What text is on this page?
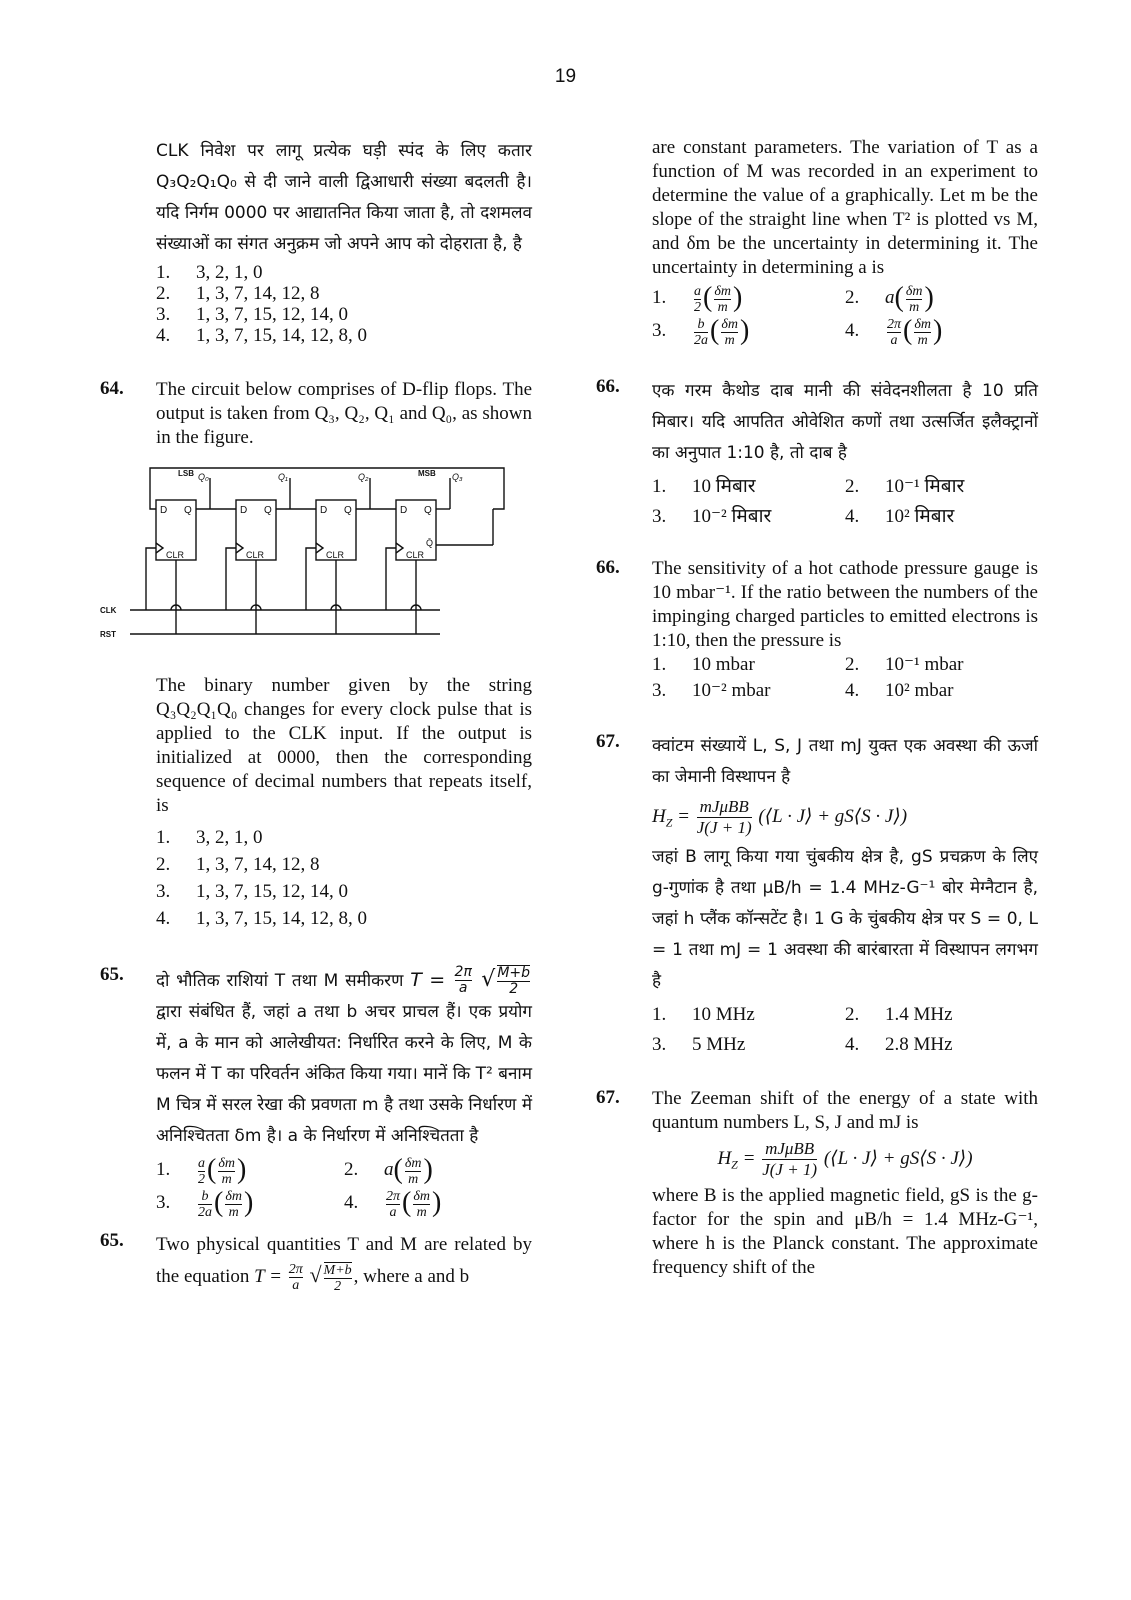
19
CLK निवेश पर लागू प्रत्येक घड़ी स्पंद के लिए कतार Q₃Q₂Q₁Q₀ से दी जाने वाली द्विआधारी संख्या बदलती है। यदि निर्गम 0000 पर आद्यातनित किया जाता है, तो दशमलव संख्याओं का संगत अनुक्रम जो अपने आप को दोहराता है, है
1.	3, 2, 1, 0
2.	1, 3, 7, 14, 12, 8
3.	1, 3, 7, 15, 12, 14, 0
4.	1, 3, 7, 15, 14, 12, 8, 0
64. The circuit below comprises of D-flip flops. The output is taken from Q₃, Q₂, Q₁ and Q₀, as shown in the figure.
D Q	D Q	D Q	D Q
CLR	CLR	CLR	CLR
Q̄
LSB Q₀	Q₁	Q₂	MSB Q₃
CLK
RST
The binary number given by the string Q₃Q₂Q₁Q₀ changes for every clock pulse that is applied to the CLK input. If the output is initialized at 0000, then the corresponding sequence of decimal numbers that repeats itself, is
1.	3, 2, 1, 0
2.	1, 3, 7, 14, 12, 8
3.	1, 3, 7, 15, 12, 14, 0
4.	1, 3, 7, 15, 14, 12, 8, 0
65. दो भौतिक राशियां T तथा M समीकरण $T = \frac{2\pi}{a}$ √ $\frac{M+b}{2}$
द्वारा संबंधित हैं, जहां a तथा b अचर प्राचल हैं। एक प्रयोग में, a के मान को आलेखीयत: निर्धारित करने के लिए, M के फलन में T का परिवर्तन अंकित किया गया। मानें कि T² बनाम M चित्र में सरल रेखा की प्रवणता m है तथा उसके निर्धारण में अनिश्चितता δm है। a के निर्धारण में अनिश्चितता है
1.	$\frac{a}{2}$ ( $\frac{\delta m}{m}$ )	2.	a ( $\frac{\delta m}{m}$ )
3.	$\frac{b}{2a}$ ( $\frac{\delta m}{m}$ )	4.	$\frac{2\pi}{a}$ ( $\frac{\delta m}{m}$ )
65. Two physical quantities T and M are related by the equation $T = \frac{2\pi}{a}$ √ $\frac{M+b}{2}$ , where a and b
are constant parameters. The variation of T as a function of M was recorded in an experiment to determine the value of a graphically. Let m be the slope of the straight line when T² is plotted vs M, and δm be the uncertainty in determining it. The uncertainty in determining a is
1.	$\frac{a}{2}$ ( $\frac{\delta m}{m}$ )	2.	a ( $\frac{\delta m}{m}$ )
3.	$\frac{b}{2a}$ ( $\frac{\delta m}{m}$ )	4.	$\frac{2\pi}{a}$ ( $\frac{\delta m}{m}$ )
66. एक गरम कैथोड दाब मानी की संवेदनशीलता है 10 प्रति मिबार। यदि आपतित ओवेशित कणों तथा उत्सर्जित इलैक्ट्रानों का अनुपात 1:10 है, तो दाब है
1.	10 मिबार	2.	10⁻¹ मिबार
3.	10⁻² मिबार	4.	10² मिबार
66. The sensitivity of a hot cathode pressure gauge is 10 mbar⁻¹. If the ratio between the numbers of the impinging charged particles to emitted electrons is 1:10, then the pressure is
1.	10 mbar	2.	10⁻¹ mbar
3.	10⁻² mbar	4.	10² mbar
67. क्वांटम संख्यायें L, S, J तथा mJ युक्त एक अवस्था की ऊर्जा का जेमानी विस्थापन है
$H_Z = \frac{\text{mJμBB}}{J(J + 1)}$ (⟨L · J⟩ + gS⟨S · J⟩)
जहां B लागू किया गया चुंबकीय क्षेत्र है, gS प्रचक्रण के लिए g-गुणांक है तथा μB/h = 1.4 MHz-G⁻¹ बोर मेग्नैटान है, जहां h प्लैंक कॉन्सटेंट है। 1 G के चुंबकीय क्षेत्र पर S = 0, L = 1 तथा mJ = 1 अवस्था की बारंबारता में विस्थापन लगभग है
1.	10 MHz	2.	1.4 MHz
3.	5 MHz	4.	2.8 MHz
67. The Zeeman shift of the energy of a state with quantum numbers L, S, J and mJ is
$H_Z = \frac{\text{mJμBB}}{J(J + 1)}$ (⟨L · J⟩ + gS⟨S · J⟩)
where B is the applied magnetic field, gS is the g-factor for the spin and μB/h = 1.4 MHz-G⁻¹, where h is the Planck constant. The approximate frequency shift of the
